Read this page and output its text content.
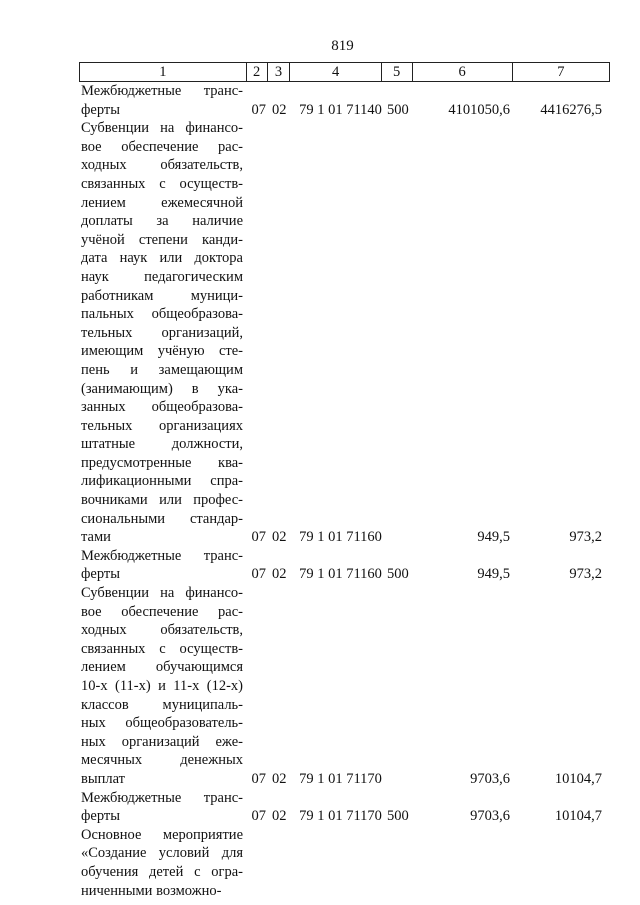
819
1	2	3	4	5	6	7
Межбюджетные транс-
ферты	07 02 79 1 01 71140 500	4101050,6	4416276,5
Субвенции на финансо-
вое обеспечение рас-
ходных обязательств,
связанных с осуществ-
лением ежемесячной
доплаты за наличие
учёной степени канди-
дата наук или доктора
наук педагогическим
работникам муници-
пальных общеобразова-
тельных организаций,
имеющим учёную сте-
пень и замещающим
(занимающим) в ука-
занных общеобразова-
тельных организациях
штатные должности,
предусмотренные ква-
лификационными спра-
вочниками или профес-
сиональными стандар-
тами	07 02 79 1 01 71160	949,5	973,2
Межбюджетные транс-
ферты	07 02 79 1 01 71160 500	949,5	973,2
Субвенции на финансо-
вое обеспечение рас-
ходных обязательств,
связанных с осуществ-
лением обучающимся
10-х (11-х) и 11-х (12-х)
классов муниципаль-
ных общеобразователь-
ных организаций еже-
месячных денежных
выплат	07 02 79 1 01 71170	9703,6	10104,7
Межбюджетные транс-
ферты	07 02 79 1 01 71170 500	9703,6	10104,7
Основное мероприятие
«Создание условий для
обучения детей с огра-
ниченными возможно-
